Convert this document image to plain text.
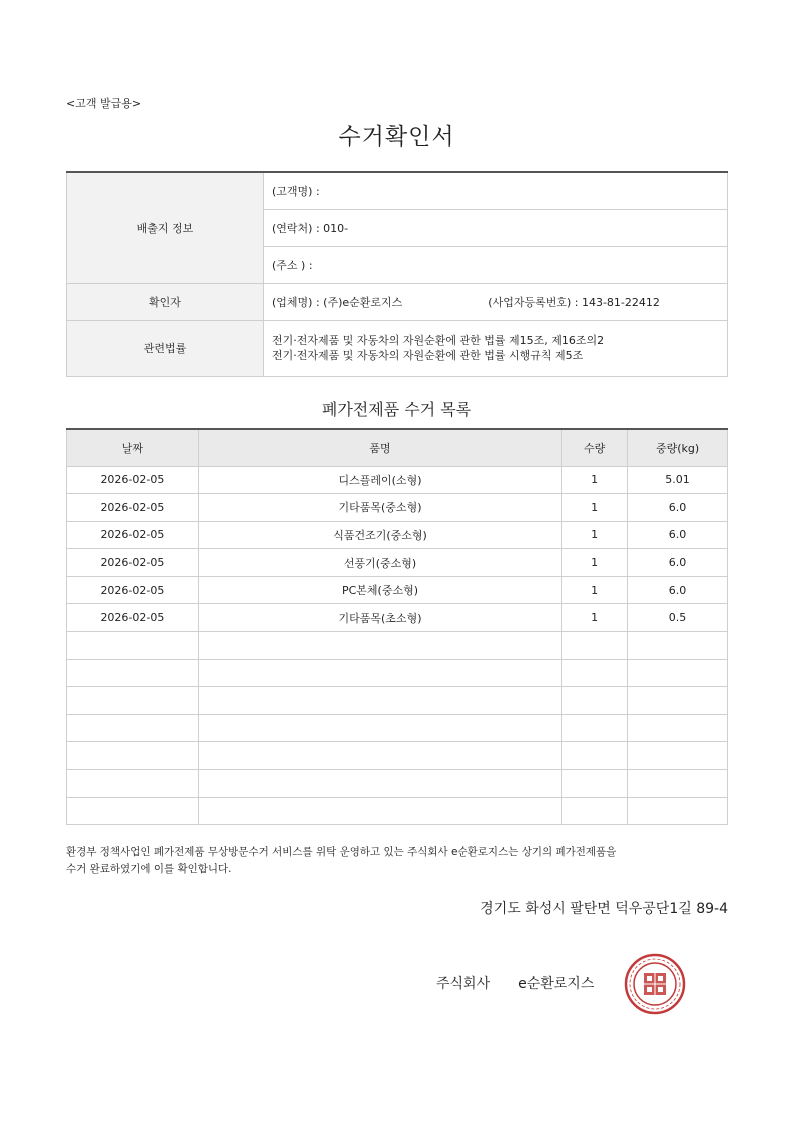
<고객 발급용>
수거확인서
배출지 정보	(고객명) :
	(연락처) : 010-
	(주소 ) :
확인자	(업체명) : (주)e순환로지스 (사업자등록번호) : 143-81-22412
관련법률	전기·전자제품 및 자동차의 자원순환에 관한 법률 제15조, 제16조의2
전기·전자제품 및 자동차의 자원순환에 관한 법률 시행규칙 제5조
폐가전제품 수거 목록
날짜	품명	수량	중량(kg)
2026-02-05	디스플레이(소형)	1	5.01
2026-02-05	기타품목(중소형)	1	6.0
2026-02-05	식품건조기(중소형)	1	6.0
2026-02-05	선풍기(중소형)	1	6.0
2026-02-05	PC본체(중소형)	1	6.0
2026-02-05	기타품목(초소형)	1	0.5

환경부 정책사업인 폐가전제품 무상방문수거 서비스를 위탁 운영하고 있는 주식회사 e순환로지스는 상기의 폐가전제품을
수거 완료하였기에 이를 확인합니다.
경기도 화성시 팔탄면 덕우공단1길 89-4
주식회사 e순환로지스
